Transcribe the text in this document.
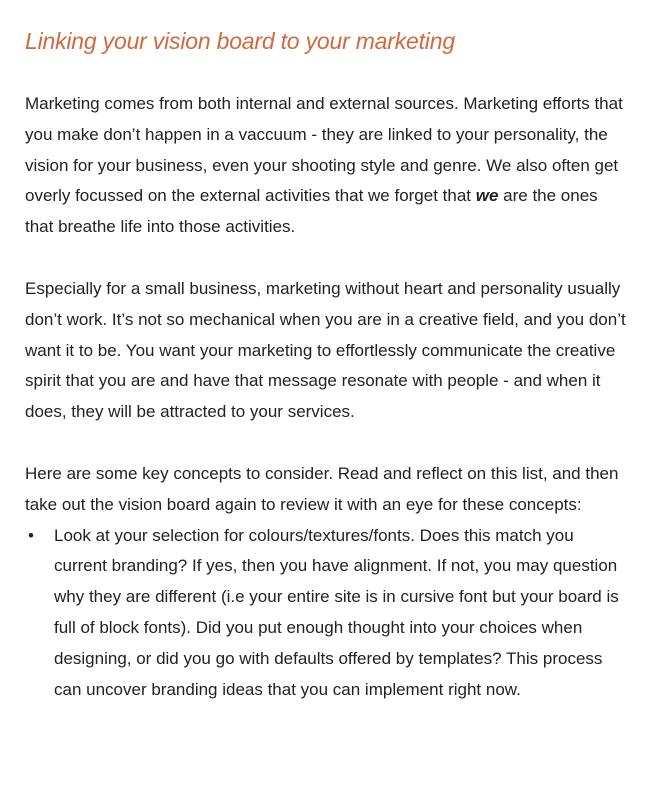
Linking your vision board to your marketing

Marketing comes from both internal and external sources. Marketing efforts that you make don’t happen in a vaccuum - they are linked to your personality, the vision for your business, even your shooting style and genre. We also often get overly focussed on the external activities that we forget that we are the ones that breathe life into those activities.

Especially for a small business, marketing without heart and personality usually don’t work. It’s not so mechanical when you are in a creative field, and you don’t want it to be. You want your marketing to effortlessly communicate the creative spirit that you are and have that message resonate with people - and when it does, they will be attracted to your services.

Here are some key concepts to consider. Read and reflect on this list, and then take out the vision board again to review it with an eye for these concepts:

• Look at your selection for colours/textures/fonts. Does this match you current branding? If yes, then you have alignment. If not, you may question why they are different (i.e your entire site is in cursive font but your board is full of block fonts). Did you put enough thought into your choices when designing, or did you go with defaults offered by templates? This process can uncover branding ideas that you can implement right now.
